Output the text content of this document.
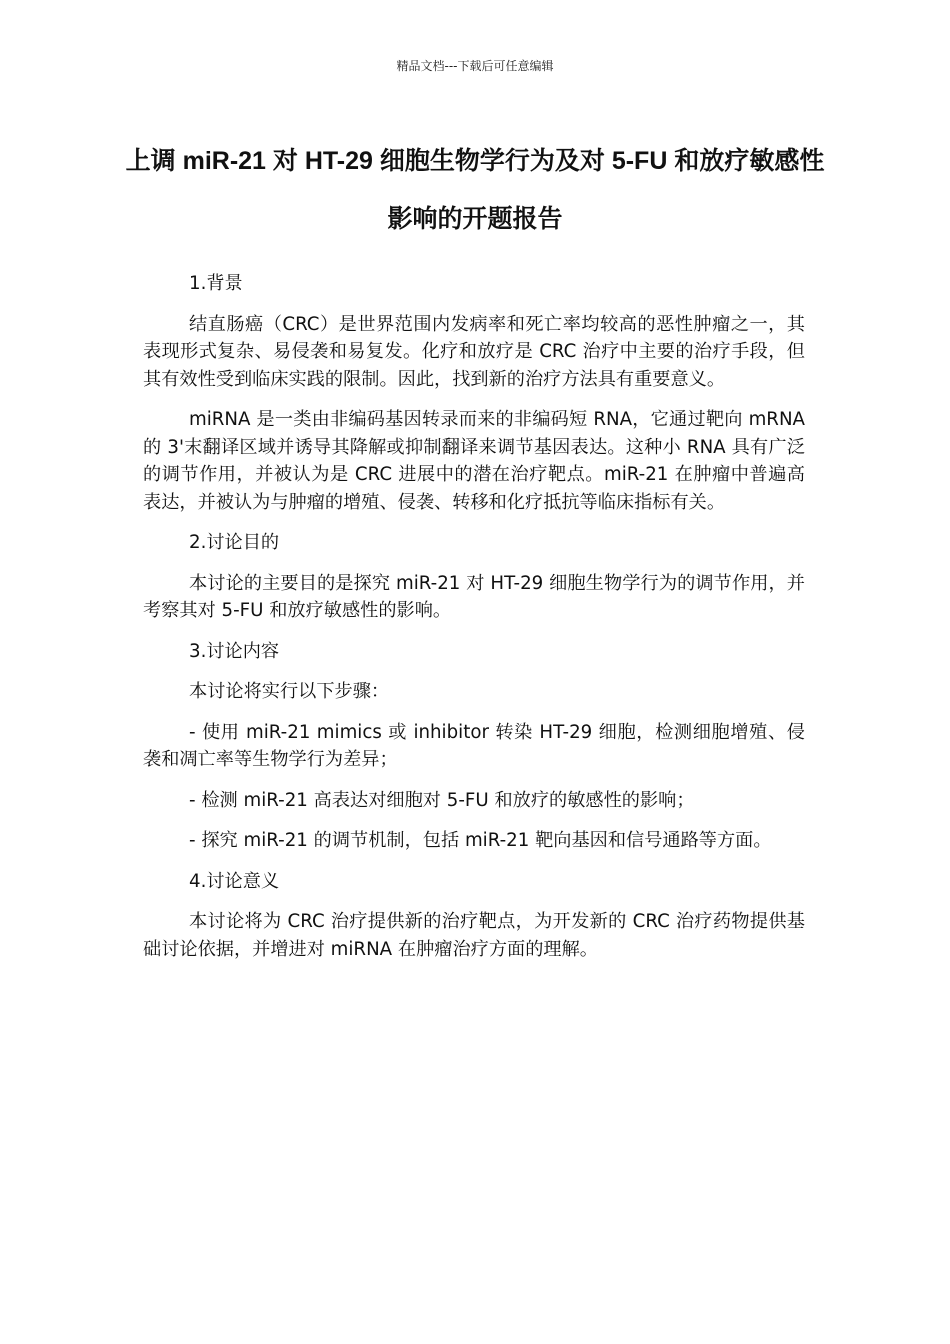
精品文档---下载后可任意编辑
上调 miR-21 对 HT-29 细胞生物学行为及对 5-FU 和放疗敏感性影响的开题报告

1.背景

结直肠癌（CRC）是世界范围内发病率和死亡率均较高的恶性肿瘤之一，其表现形式复杂、易侵袭和易复发。化疗和放疗是 CRC 治疗中主要的治疗手段，但其有效性受到临床实践的限制。因此，找到新的治疗方法具有重要意义。

miRNA 是一类由非编码基因转录而来的非编码短 RNA，它通过靶向 mRNA 的 3'末翻译区域并诱导其降解或抑制翻译来调节基因表达。这种小 RNA 具有广泛的调节作用，并被认为是 CRC 进展中的潜在治疗靶点。miR-21 在肿瘤中普遍高表达，并被认为与肿瘤的增殖、侵袭、转移和化疗抵抗等临床指标有关。

2.讨论目的

本讨论的主要目的是探究 miR-21 对 HT-29 细胞生物学行为的调节作用，并考察其对 5-FU 和放疗敏感性的影响。

3.讨论内容

本讨论将实行以下步骤：

- 使用 miR-21 mimics 或 inhibitor 转染 HT-29 细胞，检测细胞增殖、侵袭和凋亡率等生物学行为差异；

- 检测 miR-21 高表达对细胞对 5-FU 和放疗的敏感性的影响；

- 探究 miR-21 的调节机制，包括 miR-21 靶向基因和信号通路等方面。

4.讨论意义

本讨论将为 CRC 治疗提供新的治疗靶点，为开发新的 CRC 治疗药物提供基础讨论依据，并增进对 miRNA 在肿瘤治疗方面的理解。
